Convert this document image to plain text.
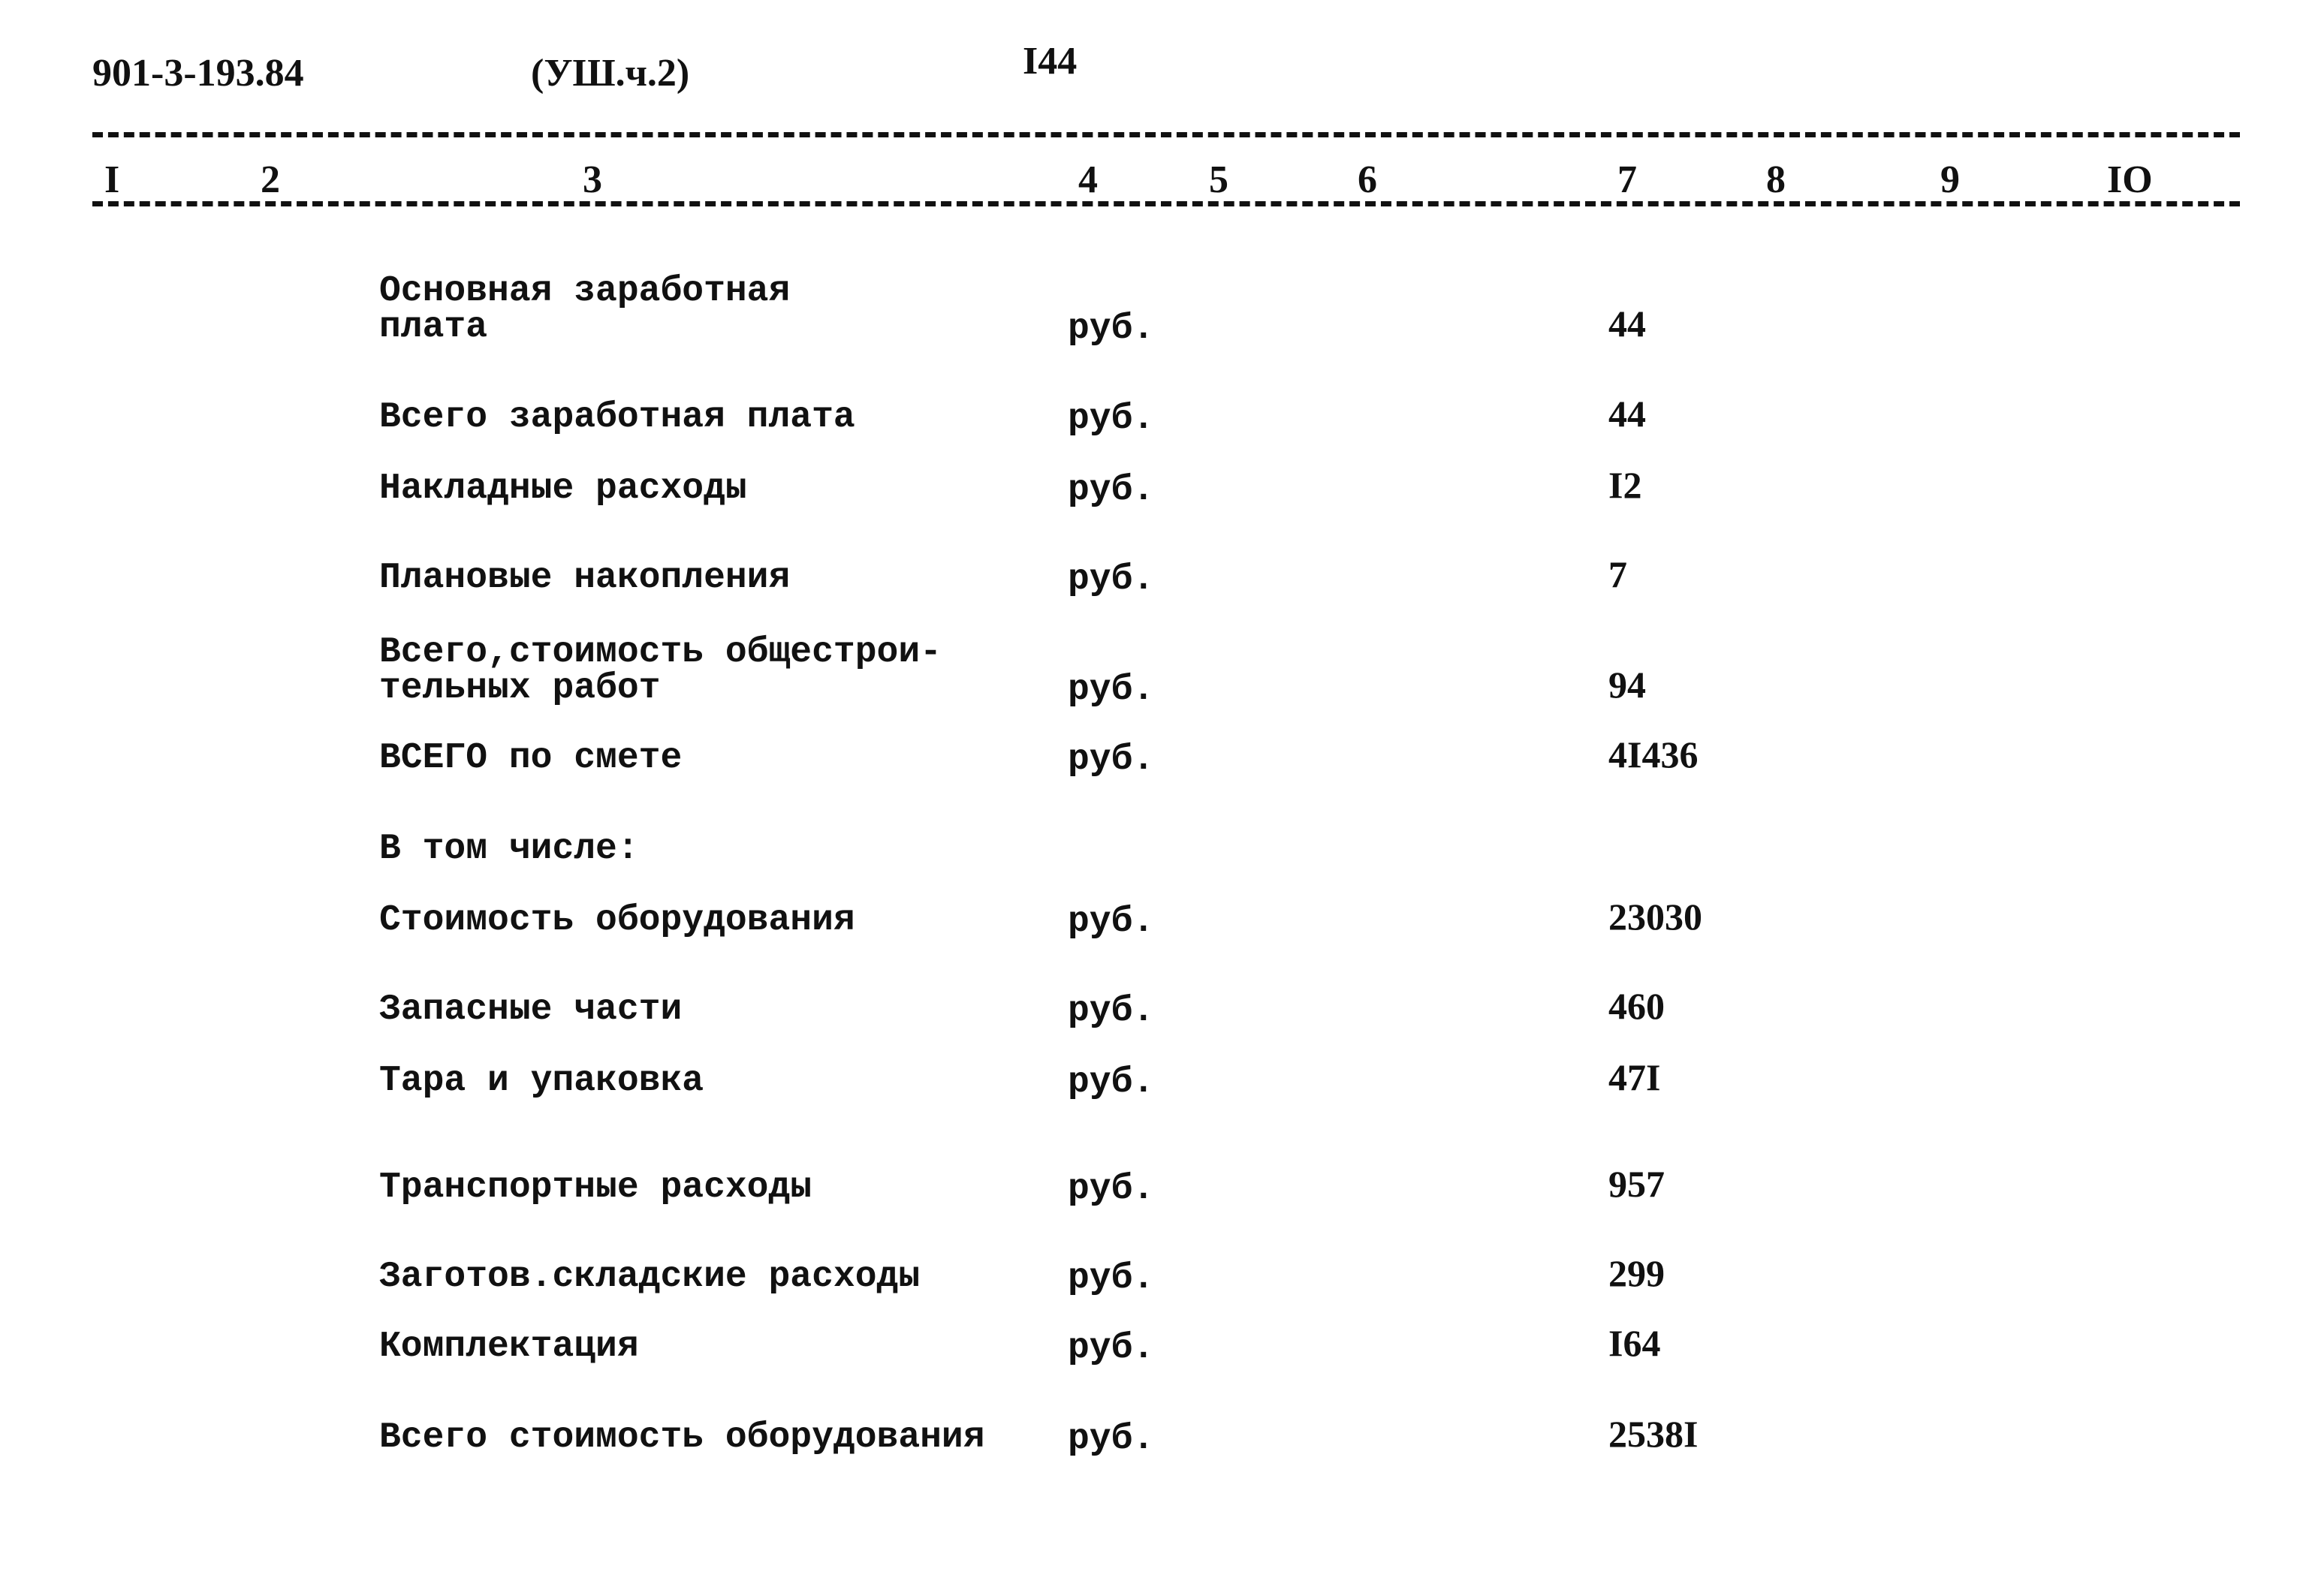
901-3-193.84	(УШ.ч.2)	I44
I	2	3	4	5	6	7	8	9	IO
Основная заработная
плата	руб.	44
Всего заработная плата	руб.	44
Накладные расходы	руб.	I2
Плановые накопления	руб.	7
Всего,стоимость общестрои-
тельных работ	руб.	94
ВСЕГО по смете	руб.	4I436
В том числе:
Стоимость оборудования	руб.	23030
Запасные части	руб.	460
Тара и упаковка	руб.	47I
Транспортные расходы	руб.	957
Заготов.складские расходы	руб.	299
Комплектация	руб.	I64
Всего стоимость оборудования руб.	2538I
